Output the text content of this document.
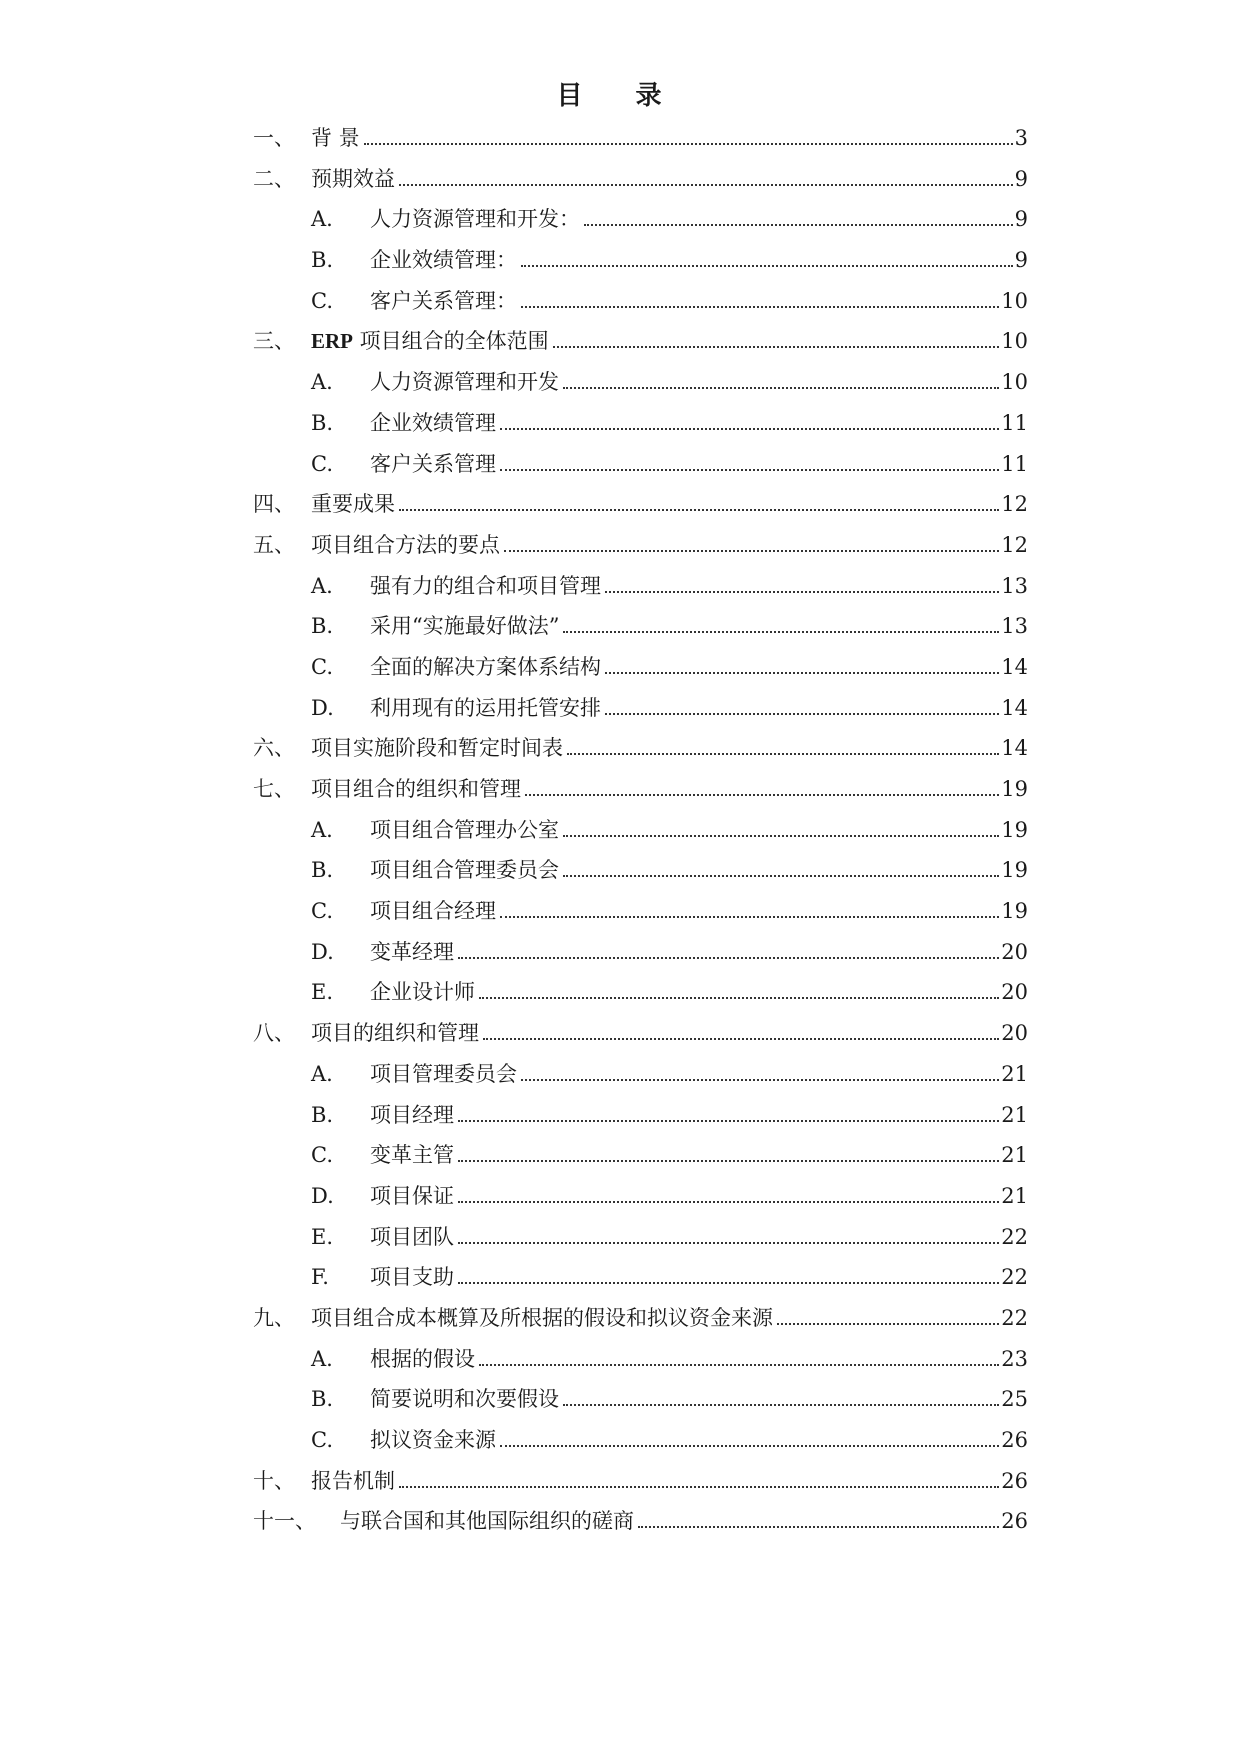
目 录
一、 背 景	3
二、 预期效益	9
A. 人力资源管理和开发：	9
B. 企业效绩管理：	9
C. 客户关系管理：	10
三、 ERP 项目组合的全体范围	10
A. 人力资源管理和开发	10
B. 企业效绩管理	11
C. 客户关系管理	11
四、 重要成果	12
五、 项目组合方法的要点	12
A. 强有力的组合和项目管理	13
B. 采用“实施最好做法”	13
C. 全面的解决方案体系结构	14
D. 利用现有的运用托管安排	14
六、 项目实施阶段和暂定时间表	14
七、 项目组合的组织和管理	19
A. 项目组合管理办公室	19
B. 项目组合管理委员会	19
C. 项目组合经理	19
D. 变革经理	20
E. 企业设计师	20
八、 项目的组织和管理	20
A. 项目管理委员会	21
B. 项目经理	21
C. 变革主管	21
D. 项目保证	21
E. 项目团队	22
F. 项目支助	22
九、 项目组合成本概算及所根据的假设和拟议资金来源	22
A. 根据的假设	23
B. 简要说明和次要假设	25
C. 拟议资金来源	26
十、 报告机制	26
十一、 与联合国和其他国际组织的磋商	26
